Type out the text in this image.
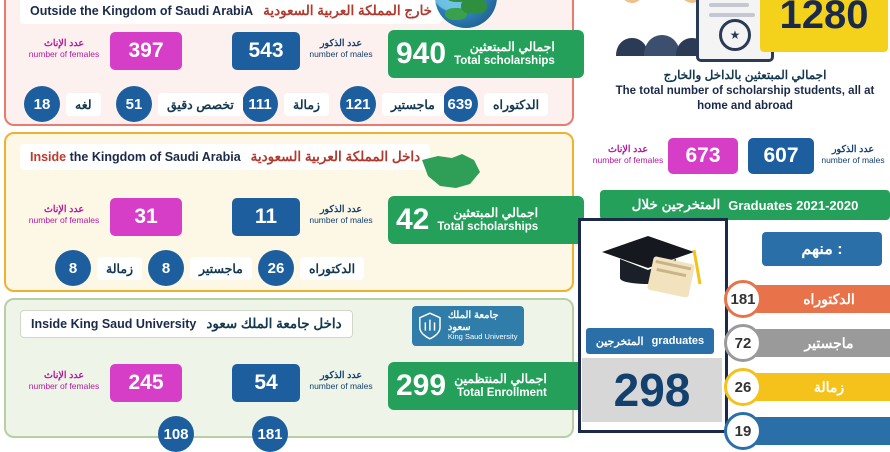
Outside the Kingdom of Saudi ArabiA خارج المملكة العربية السعودية
940 اجمالي المبتعثين
Total scholarships
عدد الذكور
number of males
543
عدد الإناث
number of females	397
639	الدكتوراه
121	ماجستير
111	زمالة
51	تخصص دقيق
18	لغه
Inside the Kingdom of Saudi Arabia داخل المملكة العربية السعودية
42 اجمالي المبتعثين
Total scholarships
عدد الذكور
number of males
11
عدد الإناث
number of females	31
26	الدكتوراه
8	ماجستير
8	زمالة
Inside King Saud University داخل جامعة الملك سعود
جامعة الملك سعود
King Saud University
299 اجمالي المنتظمين
Total Enrollment
عدد الذكور
number of males
54
عدد الإناث
number of females	245
108	181
★ 1280
اجمالي المبتعثين بالداخل والخارج
The total number of scholarship students, all at home and abroad
عدد الإناث
number of females	673	عدد الذكور
number of males
607
المتخرجين خلال Graduates 2021-2020
المتخرجين graduates
298
منهم :
181	الدكتوراه
72	ماجستير
26	زمالة
19
